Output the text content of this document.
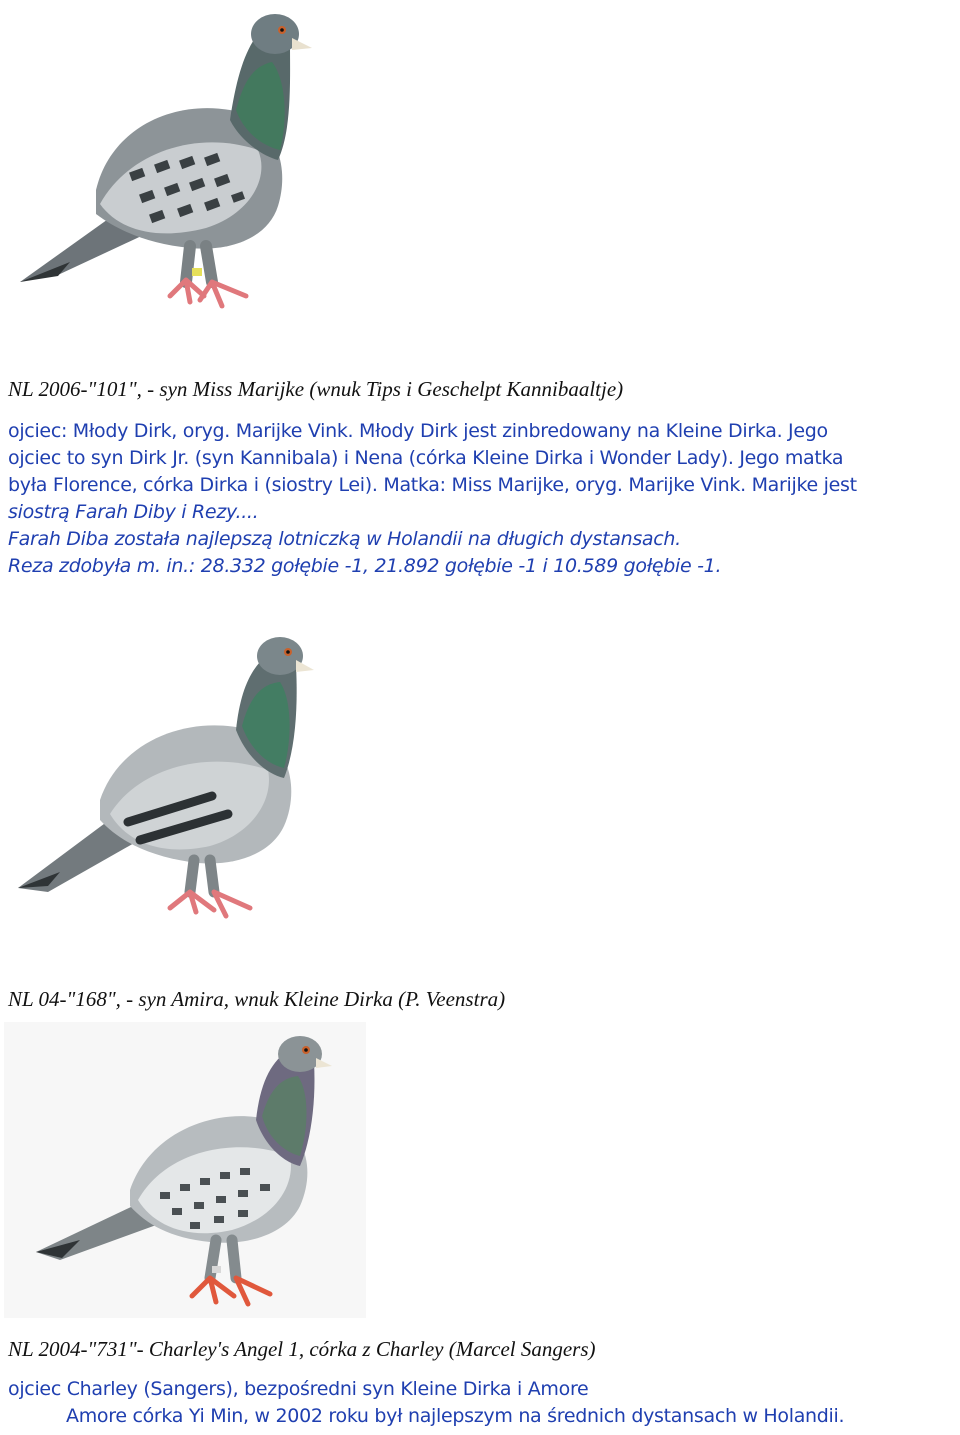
NL 2006-"101", - syn Miss Marijke (wnuk Tips i Geschelpt Kannibaaltje)
ojciec: Młody Dirk, oryg. Marijke Vink. Młody Dirk jest zinbredowany na Kleine Dirka. Jego
ojciec to syn Dirk Jr. (syn Kannibala) i Nena (córka Kleine Dirka i Wonder Lady). Jego matka
była Florence, córka Dirka i (siostry Lei). Matka: Miss Marijke, oryg. Marijke Vink. Marijke jest
siostrą Farah Diby i Rezy....
Farah Diba została najlepszą lotniczką w Holandii na długich dystansach.
Reza zdobyła m. in.: 28.332 gołębie -1, 21.892 gołębie -1 i 10.589 gołębie -1.
NL 04-"168", - syn Amira, wnuk Kleine Dirka (P. Veenstra)
NL 2004-"731"- Charley's Angel 1, córka z Charley (Marcel Sangers)
ojciec Charley (Sangers), bezpośredni syn Kleine Dirka i Amore
Amore córka Yi Min, w 2002 roku był najlepszym na średnich dystansach w Holandii.
